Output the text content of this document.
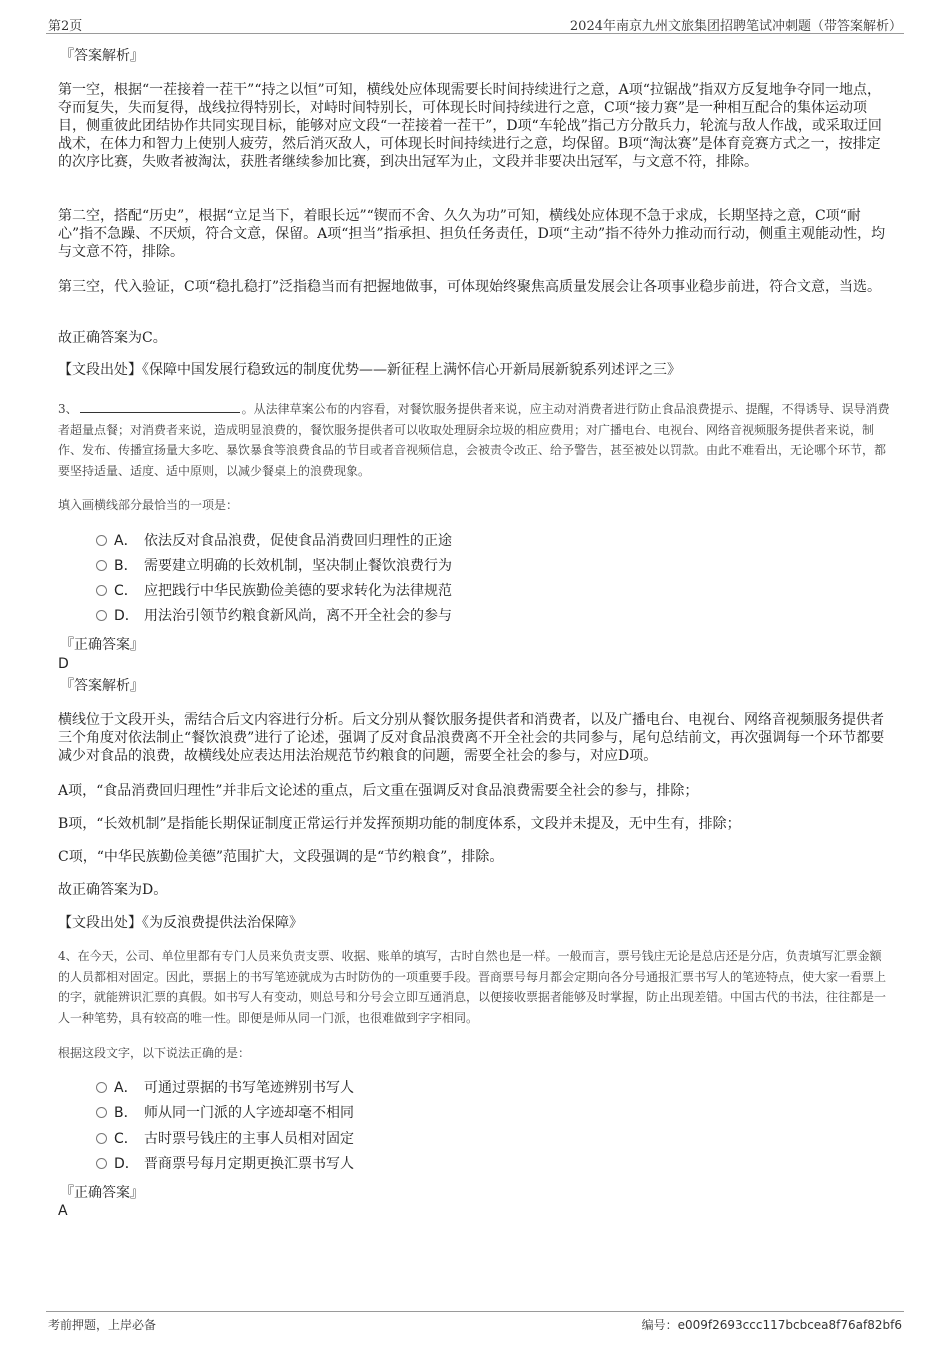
第2页	2024年南京九州文旅集团招聘笔试冲刺题（带答案解析）
『答案解析』
第一空，根据“一茬接着一茬干”“持之以恒”可知，横线处应体现需要长时间持续进行之意，A项“拉锯战”指双方反复地争夺同一地点，夺而复失，失而复得，战线拉得特别长，对峙时间特别长，可体现长时间持续进行之意，C项“接力赛”是一种相互配合的集体运动项目，侧重彼此团结协作共同实现目标，能够对应文段“一茬接着一茬干”，D项“车轮战”指己方分散兵力，轮流与敌人作战，或采取迂回战术，在体力和智力上使别人疲劳，然后消灭敌人，可体现长时间持续进行之意，均保留。B项“淘汰赛”是体育竞赛方式之一，按排定的次序比赛，失败者被淘汰，获胜者继续参加比赛，到决出冠军为止，文段并非要决出冠军，与文意不符，排除。
第二空，搭配“历史”，根据“立足当下，着眼长远”“锲而不舍、久久为功”可知，横线处应体现不急于求成，长期坚持之意，C项“耐心”指不急躁、不厌烦，符合文意，保留。A项“担当”指承担、担负任务责任，D项“主动”指不待外力推动而行动，侧重主观能动性，均与文意不符，排除。
第三空，代入验证，C项“稳扎稳打”泛指稳当而有把握地做事，可体现始终聚焦高质量发展会让各项事业稳步前进，符合文意，当选。
故正确答案为C。
【文段出处】《保障中国发展行稳致远的制度优势——新征程上满怀信心开新局展新貌系列述评之三》
3、	。从法律草案公布的内容看，对餐饮服务提供者来说，应主动对消费者进行防止食品浪费提示、提醒，不得诱导、误导消费者超量点餐；对消费者来说，造成明显浪费的，餐饮服务提供者可以收取处理厨余垃圾的相应费用；对广播电台、电视台、网络音视频服务提供者来说，制作、发布、传播宣扬量大多吃、暴饮暴食等浪费食品的节目或者音视频信息，会被责令改正、给予警告，甚至被处以罚款。由此不难看出，无论哪个环节，都要坚持适量、适度、适中原则，以减少餐桌上的浪费现象。
填入画横线部分最恰当的一项是：
A． 依法反对食品浪费，促使食品消费回归理性的正途
B． 需要建立明确的长效机制，坚决制止餐饮浪费行为
C． 应把践行中华民族勤俭美德的要求转化为法律规范
D． 用法治引领节约粮食新风尚，离不开全社会的参与
『正确答案』
D
『答案解析』
横线位于文段开头，需结合后文内容进行分析。后文分别从餐饮服务提供者和消费者，以及广播电台、电视台、网络音视频服务提供者三个角度对依法制止“餐饮浪费”进行了论述，强调了反对食品浪费离不开全社会的共同参与，尾句总结前文，再次强调每一个环节都要减少对食品的浪费，故横线处应表达用法治规范节约粮食的问题，需要全社会的参与，对应D项。
A项，“食品消费回归理性”并非后文论述的重点，后文重在强调反对食品浪费需要全社会的参与，排除；
B项，“长效机制”是指能长期保证制度正常运行并发挥预期功能的制度体系，文段并未提及，无中生有，排除；
C项，“中华民族勤俭美德”范围扩大，文段强调的是“节约粮食”，排除。
故正确答案为D。
【文段出处】《为反浪费提供法治保障》
4、在今天，公司、单位里都有专门人员来负责支票、收据、账单的填写，古时自然也是一样。一般而言，票号钱庄无论是总店还是分店，负责填写汇票金额的人员都相对固定。因此，票据上的书写笔迹就成为古时防伪的一项重要手段。晋商票号每月都会定期向各分号通报汇票书写人的笔迹特点，使大家一看票上的字，就能辨识汇票的真假。如书写人有变动，则总号和分号会立即互通消息，以便接收票据者能够及时掌握，防止出现差错。中国古代的书法，往往都是一人一种笔势，具有较高的唯一性。即便是师从同一门派，也很难做到字字相同。
根据这段文字，以下说法正确的是：
A． 可通过票据的书写笔迹辨别书写人
B． 师从同一门派的人字迹却毫不相同
C． 古时票号钱庄的主事人员相对固定
D． 晋商票号每月定期更换汇票书写人
『正确答案』
A
考前押题，上岸必备	编号：e009f2693ccc117bcbcea8f76af82bf6
